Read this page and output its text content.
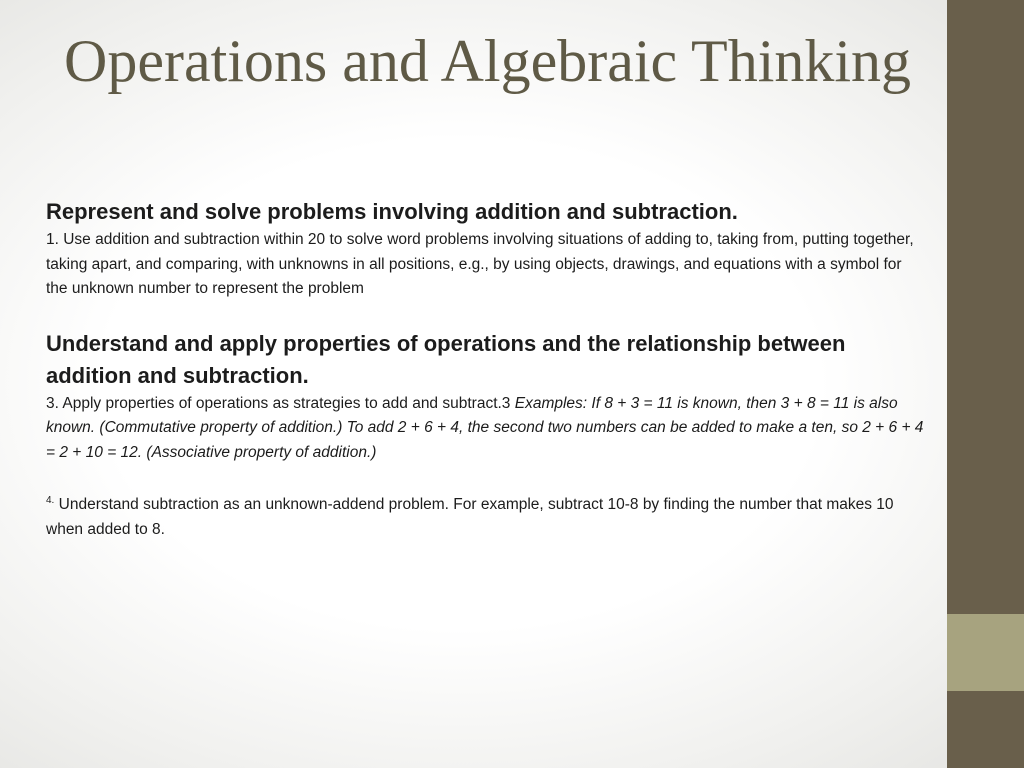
Operations and Algebraic Thinking

Represent and solve problems involving addition and subtraction.

1. Use addition and subtraction within 20 to solve word problems involving situations of adding to, taking from, putting together, taking apart, and comparing, with unknowns in all positions, e.g., by using objects, drawings, and equations with a symbol for the unknown number to represent the problem

Understand and apply properties of operations and the relationship between addition and subtraction.

3. Apply properties of operations as strategies to add and subtract.3 Examples: If 8 + 3 = 11 is known, then 3 + 8 = 11 is also known. (Commutative property of addition.) To add 2 + 6 + 4, the second two numbers can be added to make a ten, so 2 + 6 + 4 = 2 + 10 = 12. (Associative property of addition.)

$^{4.}$ Understand subtraction as an unknown-addend problem. For example, subtract 10-8 by finding the number that makes 10 when added to 8.
